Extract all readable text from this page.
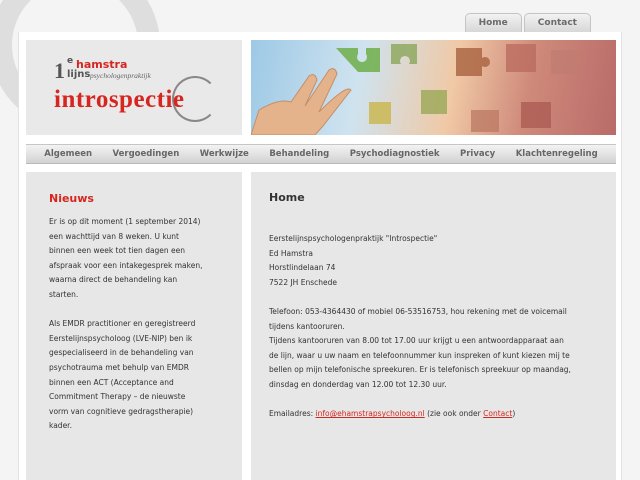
Home	Contact
1 e hamstra
lijns psychologenpraktijk
introspectie
Algemeen Vergoedingen Werkwijze Behandeling Psychodiagnostiek Privacy Klachtenregeling
Nieuws

Er is op dit moment (1 september 2014)
een wachttijd van 8 weken. U kunt
binnen een week tot tien dagen een
afspraak voor een intakegesprek maken,
waarna direct de behandeling kan
starten.

Als EMDR practitioner en geregistreerd
Eerstelijnspsycholoog (LVE-NIP) ben ik
gespecialiseerd in de behandeling van
psychotrauma met behulp van EMDR
binnen een ACT (Acceptance and
Commitment Therapy – de nieuwste
vorm van cognitieve gedragstherapie)
kader.

Home

Eerstelijnspsychologenpraktijk "Introspectie"
Ed Hamstra
Horstlindelaan 74
7522 JH Enschede

Telefoon: 053-4364430 of mobiel 06-53516753, hou rekening met de voicemail
tijdens kantooruren.
Tijdens kantooruren van 8.00 tot 17.00 uur krijgt u een antwoordapparaat aan
de lijn, waar u uw naam en telefoonnummer kun inspreken of kunt kiezen mij te
bellen op mijn telefonische spreekuren. Er is telefonisch spreekuur op maandag,
dinsdag en donderdag van 12.00 tot 12.30 uur.

Emailadres: info@ehamstrapsycholoog.nl (zie ook onder Contact)
